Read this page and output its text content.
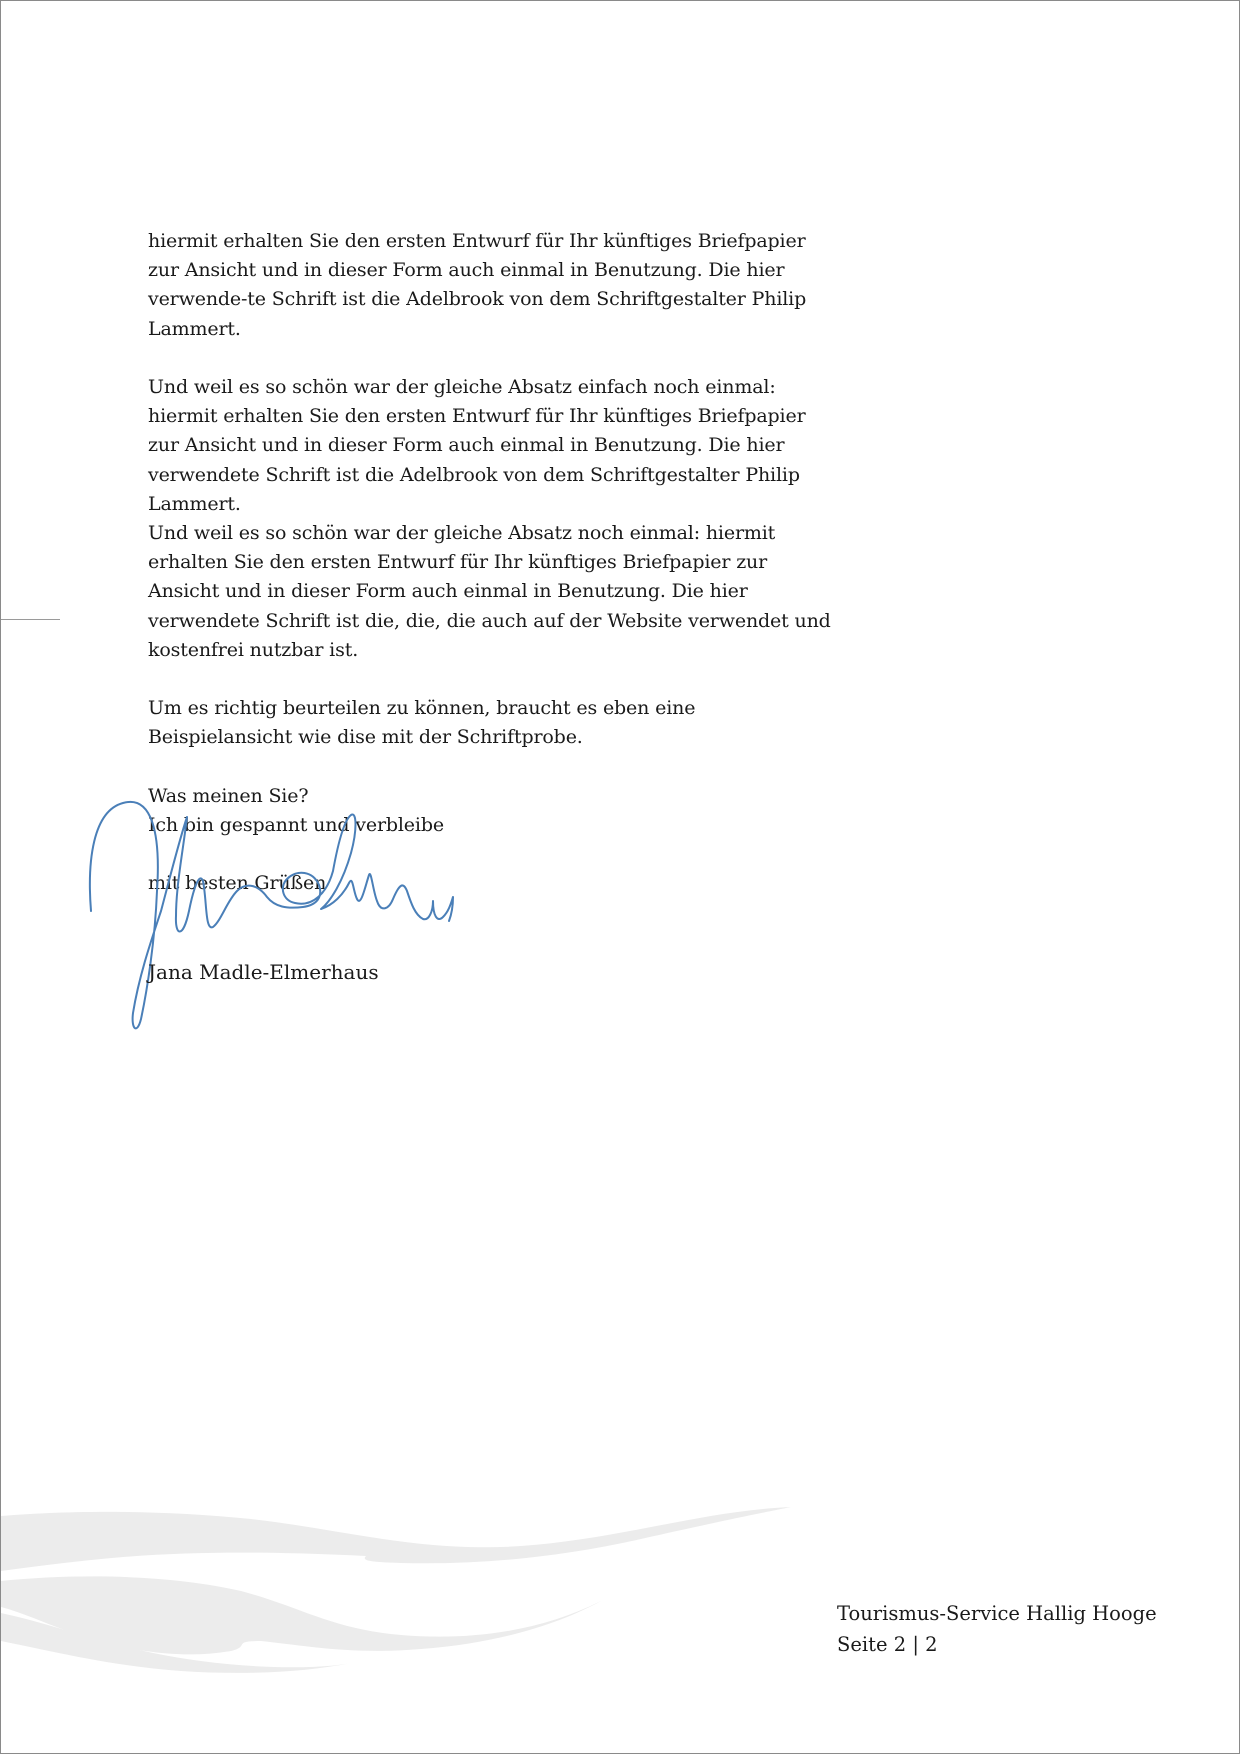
hiermit erhalten Sie den ersten Entwurf für Ihr künftiges Briefpapier zur Ansicht und in dieser Form auch einmal in Benutzung. Die hier verwende-te Schrift ist die Adelbrook von dem Schriftgestalter Philip Lammert.

Und weil es so schön war der gleiche Absatz einfach noch einmal: hiermit erhalten Sie den ersten Entwurf für Ihr künftiges Briefpapier zur Ansicht und in dieser Form auch einmal in Benutzung. Die hier verwendete Schrift ist die Adelbrook von dem Schriftgestalter Philip Lammert.

Und weil es so schön war der gleiche Absatz noch einmal: hiermit erhalten Sie den ersten Entwurf für Ihr künftiges Briefpapier zur Ansicht und in dieser Form auch einmal in Benutzung. Die hier verwendete Schrift ist die, die, die auch auf der Website verwendet und kostenfrei nutzbar ist.

Um es richtig beurteilen zu können, braucht es eben eine Beispielansicht wie dise mit der Schriftprobe.

Was meinen Sie?

Ich bin gespannt und verbleibe

mit besten Grüßen

Jana Madle-Elmerhaus
Tourismus-Service Hallig Hooge
Seite 2 | 2
